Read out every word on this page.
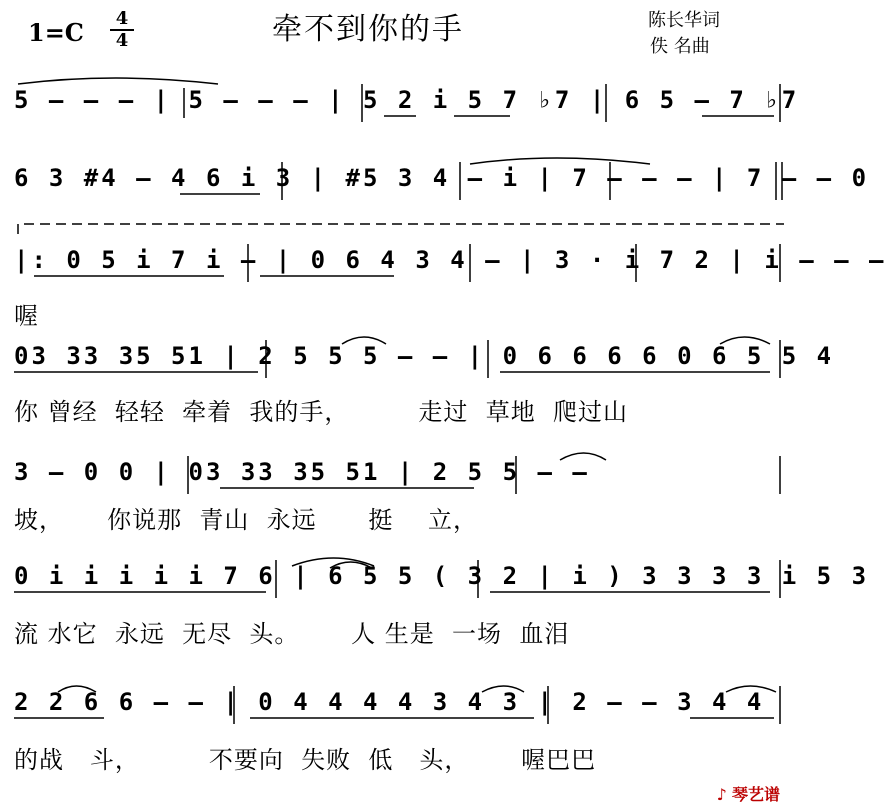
1=C	4
4	牵不到你的手	陈长华词
佚 名曲
5 — — — | 5 — — — | 5 2 i 5 7 ♭7 | 6 5 — 7 ♭7
6 3 #4 — 4 6 i 3 | #5 3 4 — i | 7 — — — | 7 — — 0
|: 0 5 i 7 i — | 0 6 4 3 4 — | 3 · i 7 2 | i — — —
喔
03 33 35 51 | 2 5 5 5 — — | 0 6 6 6 6 0 6 5 5 4
你 曾经  轻轻  牵着  我的手，        走过  草地  爬过山
3 — 0 0 | 03 33 35 51 | 2 5 5 — —
坡，     你说那  青山  永远      挺    立，
0 i i i i i 7 6 | 6 5 5 ( 3 2 | i ) 3 3 3 3 i 5 3
流 水它  永远  无尽  头。      人 生是  一场  血泪
2 2 6 6 — — | 0 4 4 4 4 3 4 3 | 2 — — 3 4 4
的战   斗，        不要向  失败  低   头，      喔巴巴
♪ 琴艺谱
